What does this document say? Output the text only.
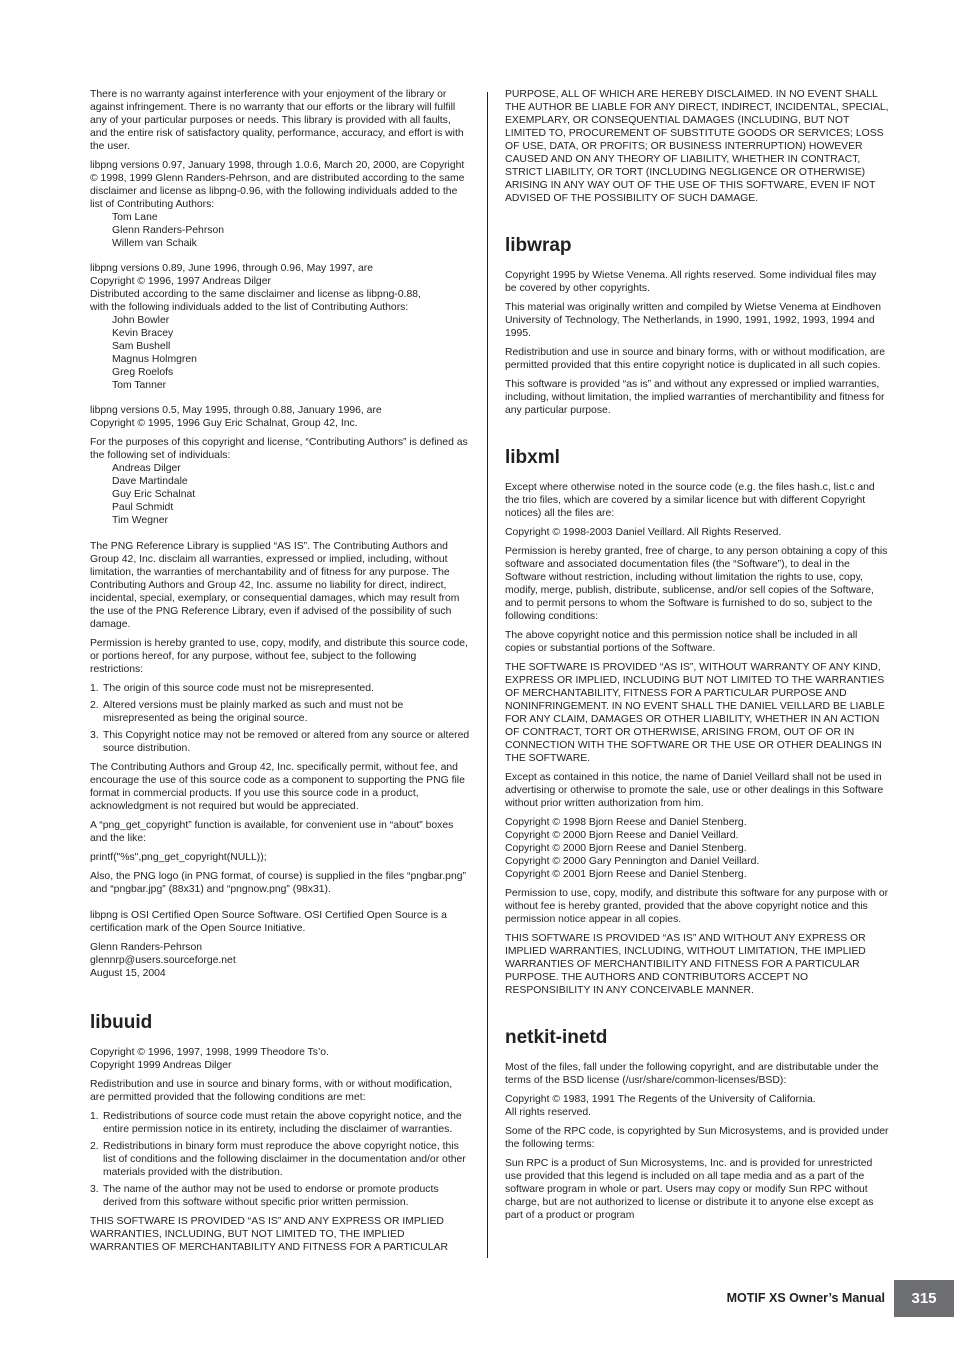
There is no warranty against interference with your enjoyment of the library or against infringement. There is no warranty that our efforts or the library will fulfill any of your particular purposes or needs. This library is provided with all faults, and the entire risk of satisfactory quality, performance, accuracy, and effort is with the user.

libpng versions 0.97, January 1998, through 1.0.6, March 20, 2000, are Copyright © 1998, 1999 Glenn Randers-Pehrson, and are distributed according to the same disclaimer and license as libpng-0.96, with the following individuals added to the list of Contributing Authors:
Tom Lane
Glenn Randers-Pehrson
Willem van Schaik
libpng versions 0.89, June 1996, through 0.96, May 1997, are
Copyright © 1996, 1997 Andreas Dilger
Distributed according to the same disclaimer and license as libpng-0.88,
with the following individuals added to the list of Contributing Authors:
John Bowler
Kevin Bracey
Sam Bushell
Magnus Holmgren
Greg Roelofs
Tom Tanner
libpng versions 0.5, May 1995, through 0.88, January 1996, are
Copyright © 1995, 1996 Guy Eric Schalnat, Group 42, Inc.
For the purposes of this copyright and license, “Contributing Authors” is defined as the following set of individuals:
Andreas Dilger
Dave Martindale
Guy Eric Schalnat
Paul Schmidt
Tim Wegner

The PNG Reference Library is supplied “AS IS”. The Contributing Authors and Group 42, Inc. disclaim all warranties, expressed or implied, including, without limitation, the warranties of merchantability and of fitness for any purpose. The Contributing Authors and Group 42, Inc. assume no liability for direct, indirect, incidental, special, exemplary, or consequential damages, which may result from the use of the PNG Reference Library, even if advised of the possibility of such damage.

Permission is hereby granted to use, copy, modify, and distribute this source code, or portions hereof, for any purpose, without fee, subject to the following restrictions:

1. The origin of this source code must not be misrepresented.
2. Altered versions must be plainly marked as such and must not be misrepresented as being the original source.
3. This Copyright notice may not be removed or altered from any source or altered source distribution.

The Contributing Authors and Group 42, Inc. specifically permit, without fee, and encourage the use of this source code as a component to supporting the PNG file format in commercial products. If you use this source code in a product, acknowledgment is not required but would be appreciated.

A “png_get_copyright” function is available, for convenient use in “about” boxes and the like:

printf("%s",png_get_copyright(NULL));

Also, the PNG logo (in PNG format, of course) is supplied in the files “pngbar.png” and “pngbar.jpg” (88x31) and “pngnow.png” (98x31).

libpng is OSI Certified Open Source Software. OSI Certified Open Source is a certification mark of the Open Source Initiative.

Glenn Randers-Pehrson
glennrp@users.sourceforge.net
August 15, 2004
libuuid
Copyright © 1996, 1997, 1998, 1999 Theodore Ts’o.
Copyright 1999 Andreas Dilger

Redistribution and use in source and binary forms, with or without modification, are permitted provided that the following conditions are met:

1. Redistributions of source code must retain the above copyright notice, and the entire permission notice in its entirety, including the disclaimer of warranties.
2. Redistributions in binary form must reproduce the above copyright notice, this list of conditions and the following disclaimer in the documentation and/or other materials provided with the distribution.
3. The name of the author may not be used to endorse or promote products derived from this software without specific prior written permission.

THIS SOFTWARE IS PROVIDED “AS IS” AND ANY EXPRESS OR IMPLIED WARRANTIES, INCLUDING, BUT NOT LIMITED TO, THE IMPLIED WARRANTIES OF MERCHANTABILITY AND FITNESS FOR A PARTICULAR

PURPOSE, ALL OF WHICH ARE HEREBY DISCLAIMED. IN NO EVENT SHALL THE AUTHOR BE LIABLE FOR ANY DIRECT, INDIRECT, INCIDENTAL, SPECIAL, EXEMPLARY, OR CONSEQUENTIAL DAMAGES (INCLUDING, BUT NOT LIMITED TO, PROCUREMENT OF SUBSTITUTE GOODS OR SERVICES; LOSS OF USE, DATA, OR PROFITS; OR BUSINESS INTERRUPTION) HOWEVER CAUSED AND ON ANY THEORY OF LIABILITY, WHETHER IN CONTRACT, STRICT LIABILITY, OR TORT (INCLUDING NEGLIGENCE OR OTHERWISE) ARISING IN ANY WAY OUT OF THE USE OF THIS SOFTWARE, EVEN IF NOT ADVISED OF THE POSSIBILITY OF SUCH DAMAGE.

libwrap

Copyright 1995 by Wietse Venema. All rights reserved. Some individual files may be covered by other copyrights.

This material was originally written and compiled by Wietse Venema at Eindhoven University of Technology, The Netherlands, in 1990, 1991, 1992, 1993, 1994 and 1995.

Redistribution and use in source and binary forms, with or without modification, are permitted provided that this entire copyright notice is duplicated in all such copies.

This software is provided “as is” and without any expressed or implied warranties, including, without limitation, the implied warranties of merchantibility and fitness for any particular purpose.

libxml

Except where otherwise noted in the source code (e.g. the files hash.c, list.c and the trio files, which are covered by a similar licence but with different Copyright notices) all the files are:

Copyright © 1998-2003 Daniel Veillard. All Rights Reserved.

Permission is hereby granted, free of charge, to any person obtaining a copy of this software and associated documentation files (the “Software”), to deal in the Software without restriction, including without limitation the rights to use, copy, modify, merge, publish, distribute, sublicense, and/or sell copies of the Software, and to permit persons to whom the Software is furnished to do so, subject to the following conditions:

The above copyright notice and this permission notice shall be included in all copies or substantial portions of the Software.

THE SOFTWARE IS PROVIDED “AS IS”, WITHOUT WARRANTY OF ANY KIND, EXPRESS OR IMPLIED, INCLUDING BUT NOT LIMITED TO THE WARRANTIES OF MERCHANTABILITY, FITNESS FOR A PARTICULAR PURPOSE AND NONINFRINGEMENT. IN NO EVENT SHALL THE DANIEL VEILLARD BE LIABLE FOR ANY CLAIM, DAMAGES OR OTHER LIABILITY, WHETHER IN AN ACTION OF CONTRACT, TORT OR OTHERWISE, ARISING FROM, OUT OF OR IN CONNECTION WITH THE SOFTWARE OR THE USE OR OTHER DEALINGS IN THE SOFTWARE.

Except as contained in this notice, the name of Daniel Veillard shall not be used in advertising or otherwise to promote the sale, use or other dealings in this Software without prior written authorization from him.

Copyright © 1998 Bjorn Reese and Daniel Stenberg.
Copyright © 2000 Bjorn Reese and Daniel Veillard.
Copyright © 2000 Bjorn Reese and Daniel Stenberg.
Copyright © 2000 Gary Pennington and Daniel Veillard.
Copyright © 2001 Bjorn Reese and Daniel Stenberg.

Permission to use, copy, modify, and distribute this software for any purpose with or without fee is hereby granted, provided that the above copyright notice and this permission notice appear in all copies.

THIS SOFTWARE IS PROVIDED “AS IS” AND WITHOUT ANY EXPRESS OR IMPLIED WARRANTIES, INCLUDING, WITHOUT LIMITATION, THE IMPLIED WARRANTIES OF MERCHANTIBILITY AND FITNESS FOR A PARTICULAR PURPOSE. THE AUTHORS AND CONTRIBUTORS ACCEPT NO RESPONSIBILITY IN ANY CONCEIVABLE MANNER.

netkit-inetd

Most of the files, fall under the following copyright, and are distributable under the terms of the BSD license (/usr/share/common-licenses/BSD):

Copyright © 1983, 1991 The Regents of the University of California.
All rights reserved.

Some of the RPC code, is copyrighted by Sun Microsystems, and is provided under the following terms:

Sun RPC is a product of Sun Microsystems, Inc. and is provided for unrestricted use provided that this legend is included on all tape media and as a part of the software program in whole or part. Users may copy or modify Sun RPC without charge, but are not authorized to license or distribute it to anyone else except as part of a product or program

MOTIF XS Owner’s Manual	315
